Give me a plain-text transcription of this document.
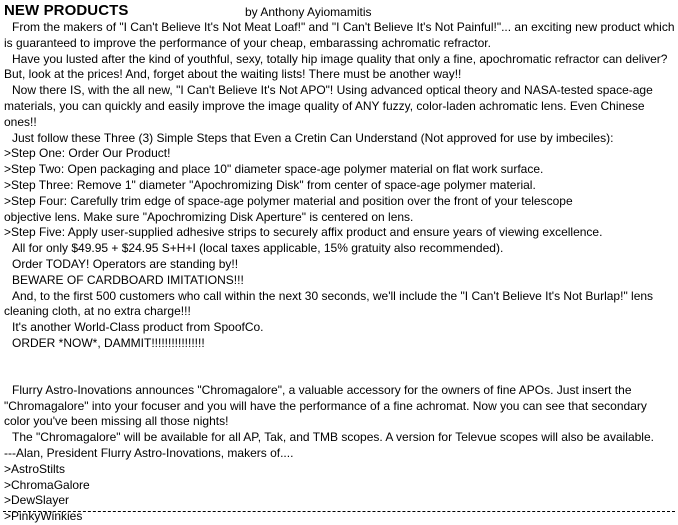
NEW PRODUCTS	by Anthony Ayiomamitis

From the makers of "I Can't Believe It's Not Meat Loaf!" and "I Can't Believe It's Not Painful!"... an exciting new product which is guaranteed to improve the performance of your cheap, embarassing achromatic refractor.

Have you lusted after the kind of youthful, sexy, totally hip image quality that only a fine, apochromatic refractor can deliver? But, look at the prices! And, forget about the waiting lists! There must be another way!!

Now there IS, with the all new, "I Can't Believe It's Not APO"! Using advanced optical theory and NASA-tested space-age materials, you can quickly and easily improve the image quality of ANY fuzzy, color-laden achromatic lens. Even Chinese ones!!

Just follow these Three (3) Simple Steps that Even a Cretin Can Understand (Not approved for use by imbeciles):

>Step One: Order Our Product!

>Step Two: Open packaging and place 10" diameter space-age polymer material on flat work surface.

>Step Three: Remove 1" diameter "Apochromizing Disk" from center of space-age polymer material.

>Step Four: Carefully trim edge of space-age polymer material and position over the front of your telescope

objective lens. Make sure "Apochromizing Disk Aperture" is centered on lens.

>Step Five: Apply user-supplied adhesive strips to securely affix product and ensure years of viewing excellence.

All for only $49.95 + $24.95 S+H+I (local taxes applicable, 15% gratuity also recommended).

Order TODAY! Operators are standing by!!

BEWARE OF CARDBOARD IMITATIONS!!!

And, to the first 500 customers who call within the next 30 seconds, we'll include the "I Can't Believe It's Not Burlap!" lens cleaning cloth, at no extra charge!!!

It's another World-Class product from SpoofCo.

ORDER *NOW*, DAMMIT!!!!!!!!!!!!!!!!

Flurry Astro-Inovations announces "Chromagalore", a valuable accessory for the owners of fine APOs. Just insert the "Chromagalore" into your focuser and you will have the performance of a fine achromat. Now you can see that secondary color you've been missing all those nights!

The "Chromagalore" will be available for all AP, Tak, and TMB scopes. A version for Televue scopes will also be available.

---Alan, President Flurry Astro-Inovations, makers of....

>AstroStilts

>ChromaGalore

>DewSlayer

>PinkyWinkies
